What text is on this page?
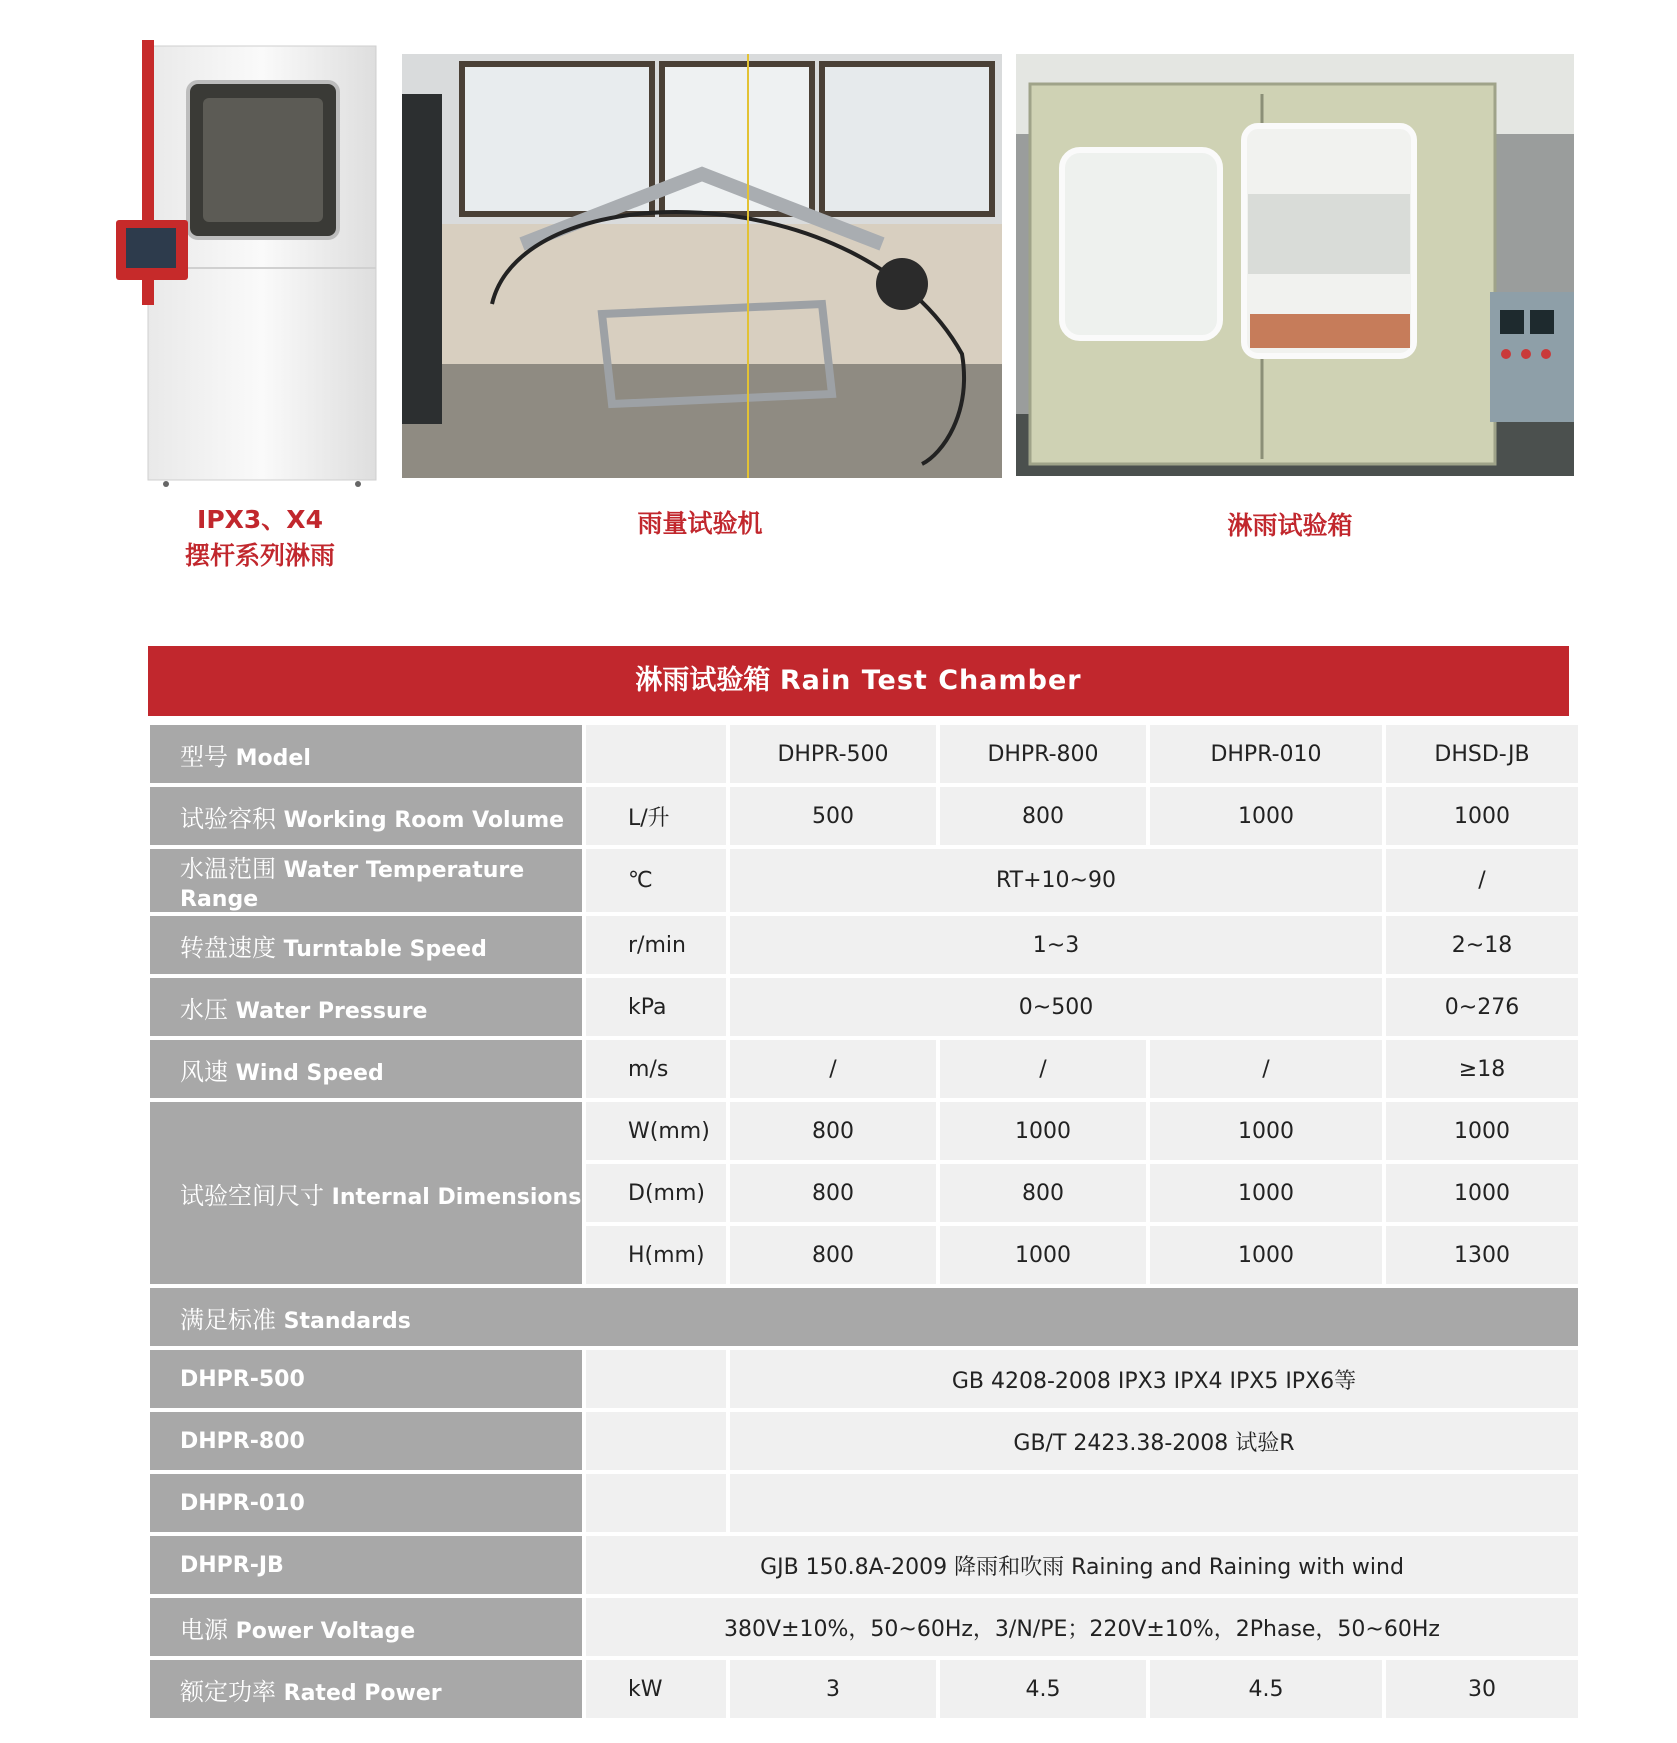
IPX3、X4
摆杆系列淋雨
雨量试验机	淋雨试验箱
淋雨试验箱 Rain Test Chamber
型号 Model		DHPR-500	DHPR-800	DHPR-010	DHSD-JB
试验容积 Working Room Volume	L/升	500	800	1000	1000
水温范围 Water Temperature Range	℃	RT+10~90			/
转盘速度 Turntable Speed	r/min	1~3			2~18
水压 Water Pressure	kPa	0~500			0~276
风速 Wind Speed	m/s	/	/	/	≥18
试验空间尺寸 Internal Dimensions	W(mm)	800	1000	1000	1000
	D(mm)	800	800	1000	1000
	H(mm)	800	1000	1000	1300
满足标准 Standards					
DHPR-500		GB 4208-2008 IPX3 IPX4 IPX5 IPX6等			
DHPR-800		GB/T 2423.38-2008 试验R			
DHPR-010					
DHPR-JB	GJB 150.8A-2009 降雨和吹雨 Raining and Raining with wind				
电源 Power Voltage	380V±10%，50~60Hz，3/N/PE；220V±10%，2Phase，50~60Hz				
额定功率 Rated Power	kW	3	4.5	4.5	30
